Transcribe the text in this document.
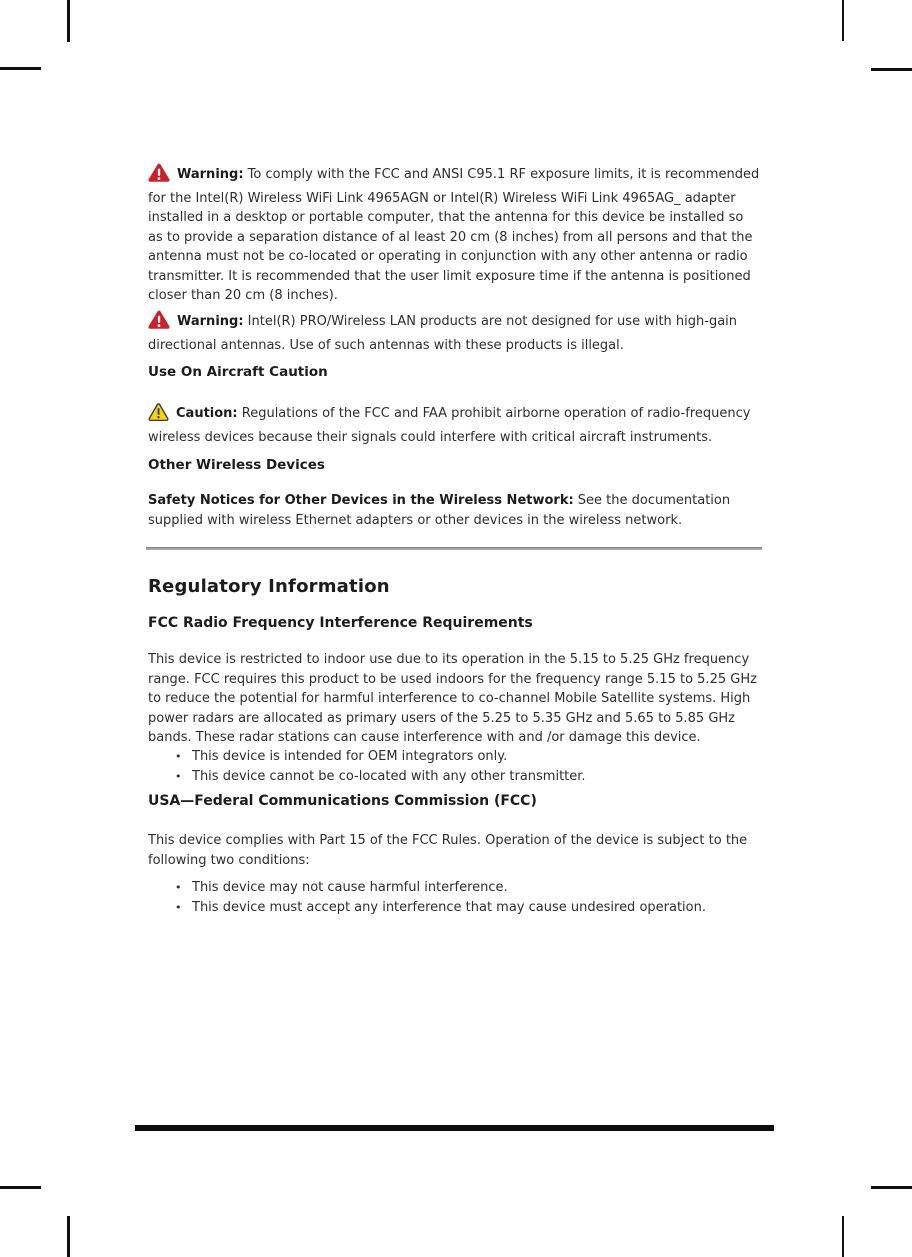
Warning: To comply with the FCC and ANSI C95.1 RF exposure limits, it is recommended for the Intel(R) Wireless WiFi Link 4965AGN or Intel(R) Wireless WiFi Link 4965AG_ adapter installed in a desktop or portable computer, that the antenna for this device be installed so as to provide a separation distance of al least 20 cm (8 inches) from all persons and that the antenna must not be co-located or operating in conjunction with any other antenna or radio transmitter. It is recommended that the user limit exposure time if the antenna is positioned closer than 20 cm (8 inches).

Warning: Intel(R) PRO/Wireless LAN products are not designed for use with high-gain directional antennas. Use of such antennas with these products is illegal.

Use On Aircraft Caution

Caution: Regulations of the FCC and FAA prohibit airborne operation of radio-frequency wireless devices because their signals could interfere with critical aircraft instruments.

Other Wireless Devices

Safety Notices for Other Devices in the Wireless Network: See the documentation supplied with wireless Ethernet adapters or other devices in the wireless network.

Regulatory Information
FCC Radio Frequency Interference Requirements

This device is restricted to indoor use due to its operation in the 5.15 to 5.25 GHz frequency range. FCC requires this product to be used indoors for the frequency range 5.15 to 5.25 GHz to reduce the potential for harmful interference to co-channel Mobile Satellite systems. High power radars are allocated as primary users of the 5.25 to 5.35 GHz and 5.65 to 5.85 GHz bands. These radar stations can cause interference with and /or damage this device.

• This device is intended for OEM integrators only.
• This device cannot be co-located with any other transmitter.
USA—Federal Communications Commission (FCC)

This device complies with Part 15 of the FCC Rules. Operation of the device is subject to the following two conditions:

• This device may not cause harmful interference.
• This device must accept any interference that may cause undesired operation.
